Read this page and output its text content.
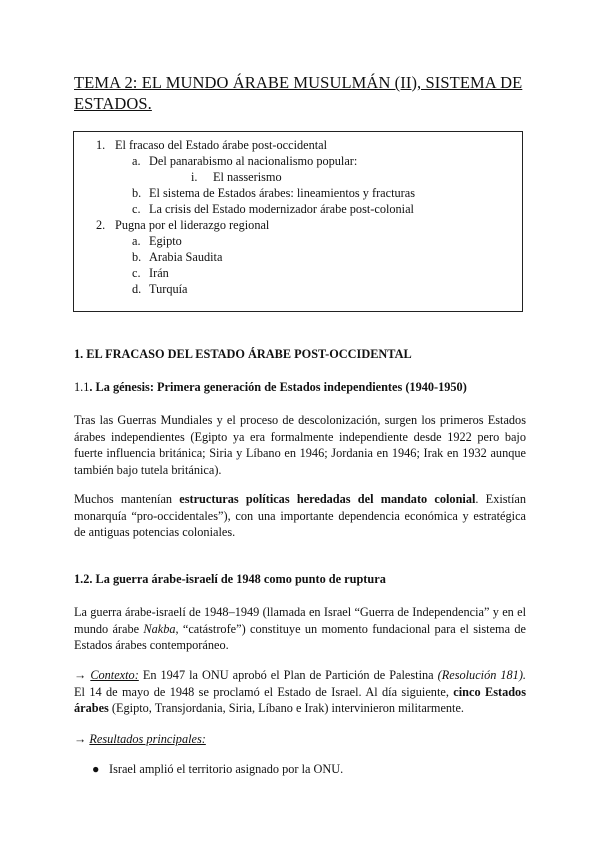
TEMA 2: EL MUNDO ÁRABE MUSULMÁN (II), SISTEMA DE ESTADOS.
1. El fracaso del Estado árabe post-occidental
a. Del panarabismo al nacionalismo popular:
i. El nasserismo
b. El sistema de Estados árabes: lineamientos y fracturas
c. La crisis del Estado modernizador árabe post-colonial
2. Pugna por el liderazgo regional
a. Egipto
b. Arabia Saudita
c. Irán
d. Turquía
1. EL FRACASO DEL ESTADO ÁRABE POST-OCCIDENTAL
1.1. La génesis: Primera generación de Estados independientes (1940-1950)

Tras las Guerras Mundiales y el proceso de descolonización, surgen los primeros Estados árabes independientes (Egipto ya era formalmente independiente desde 1922 pero bajo fuerte influencia británica; Siria y Líbano en 1946; Jordania en 1946; Irak en 1932 aunque también bajo tutela británica).

Muchos mantenían estructuras políticas heredadas del mandato colonial. Existían monarquía “pro-occidentales”), con una importante dependencia económica y estratégica de antiguas potencias coloniales.

1.2. La guerra árabe-israelí de 1948 como punto de ruptura

La guerra árabe-israelí de 1948–1949 (llamada en Israel “Guerra de Independencia” y en el mundo árabe Nakba, “catástrofe”) constituye un momento fundacional para el sistema de Estados árabes contemporáneo.

→ Contexto: En 1947 la ONU aprobó el Plan de Partición de Palestina (Resolución 181). El 14 de mayo de 1948 se proclamó el Estado de Israel. Al día siguiente, cinco Estados árabes (Egipto, Transjordania, Siria, Líbano e Irak) intervinieron militarmente.

→ Resultados principales:

● Israel amplió el territorio asignado por la ONU.
